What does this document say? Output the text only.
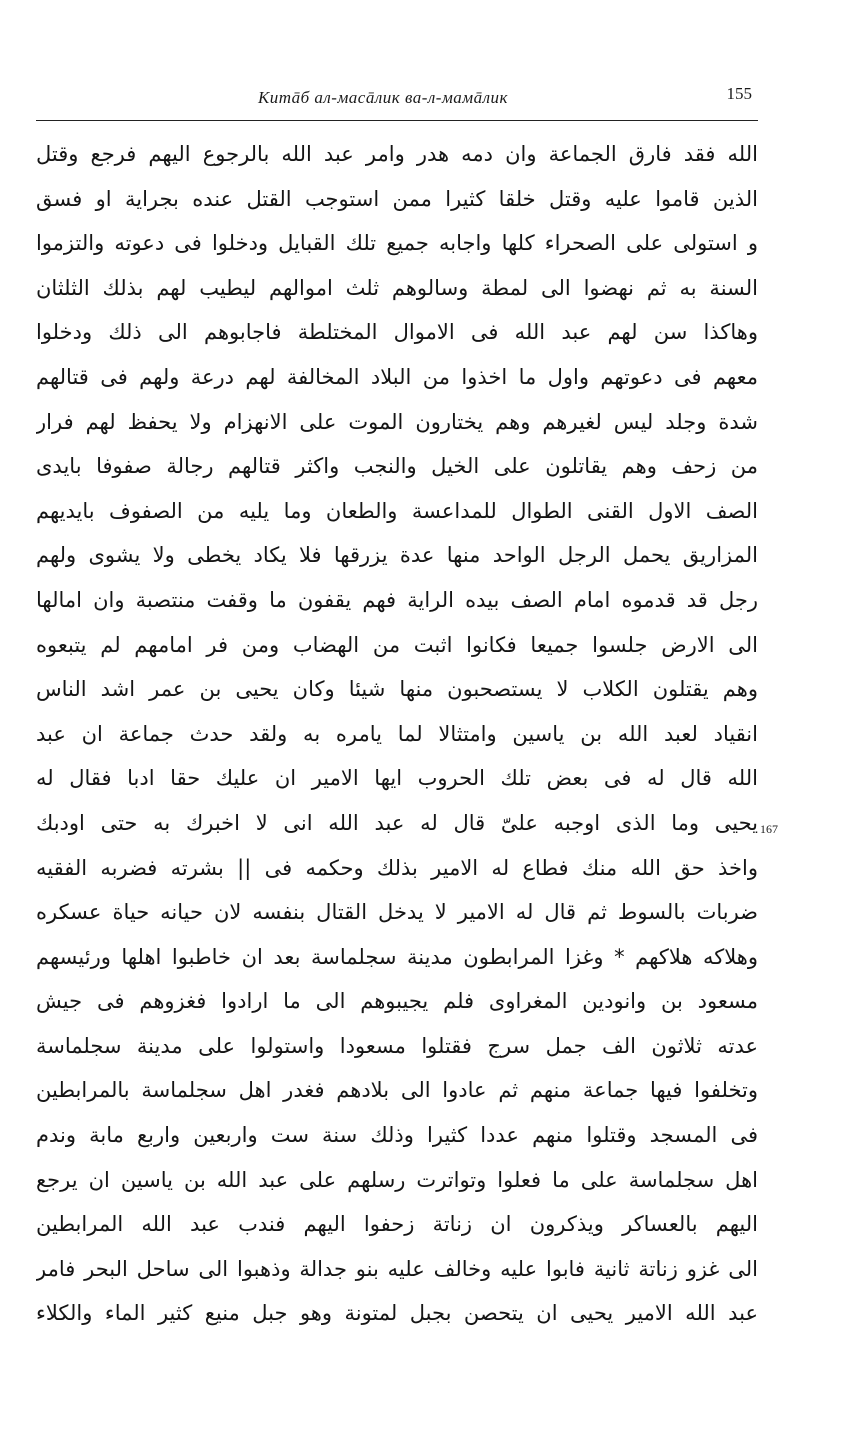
Китāб ал-масāлик ва-л-мамāлик	155
الله فقد فارق الجماعة وان دمه هدر وامر عبد الله بالرجوع اليهم فرجع وقتل
الذين قاموا عليه وقتل خلقا كثيرا ممن استوجب القتل عنده بجراية او فسق
و استولى على الصحراء كلها واجابه جميع تلك القبايل ودخلوا فى دعوته والتزموا
السنة به ثم نهضوا الى لمطة وسالوهم ثلث اموالهم ليطيب لهم بذلك الثلثان
وهاكذا سن لهم عبد الله فى الاموال المختلطة فاجابوهم الى ذلك ودخلوا
معهم فى دعوتهم واول ما اخذوا من البلاد المخالفة لهم درعة ولهم فى قتالهم
شدة وجلد ليس لغيرهم وهم يختارون الموت على الانهزام ولا يحفظ لهم فرار
من زحف وهم يقاتلون على الخيل والنجب واكثر قتالهم رجالة صفوفا بايدى
الصف الاول القنى الطوال للمداعسة والطعان وما يليه من الصفوف بايديهم
المزاريق يحمل الرجل الواحد منها عدة يزرقها فلا يكاد يخطى ولا يشوى ولهم
رجل قد قدموه امام الصف بيده الراية فهم يقفون ما وقفت منتصبة وان امالها
الى الارض جلسوا جميعا فكانوا اثبت من الهضاب ومن فر امامهم لم يتبعوه
وهم يقتلون الكلاب لا يستصحبون منها شيئا وكان يحيى بن عمر اشد الناس
انقياد لعبد الله بن ياسين وامتثالا لما يامره به ولقد حدث جماعة ان عبد
الله قال له فى بعض تلك الحروب ايها الامير ان عليك حقا ادبا فقال له
يحيى وما الذى اوجبه علىّ قال له عبد الله انى لا اخبرك به حتى اودبك
واخذ حق الله منك فطاع له الامير بذلك وحكمه فى || بشرته فضربه الفقيه
ضربات بالسوط ثم قال له الامير لا يدخل القتال بنفسه لان حيانه حياة عسكره
وهلاكه هلاكهم * وغزا المرابطون مدينة سجلماسة بعد ان خاطبوا اهلها ورئيسهم
مسعود بن وانودين المغراوى فلم يجيبوهم الى ما ارادوا فغزوهم فى جيش
عدته ثلاثون الف جمل سرج فقتلوا مسعودا واستولوا على مدينة سجلماسة
وتخلفوا فيها جماعة منهم ثم عادوا الى بلادهم فغدر اهل سجلماسة بالمرابطين
فى المسجد وقتلوا منهم عددا كثيرا وذلك سنة ست واربعين واربع مابة وندم
اهل سجلماسة على ما فعلوا وتواترت رسلهم على عبد الله بن ياسين ان يرجع
اليهم بالعساكر ويذكرون ان زناتة زحفوا اليهم فندب عبد الله المرابطين
الى غزو زناتة ثانية فابوا عليه وخالف عليه بنو جدالة وذهبوا الى ساحل البحر فامر
عبد الله الامير يحيى ان يتحصن بجبل لمتونة وهو جبل منيع كثير الماء والكلاء
167
